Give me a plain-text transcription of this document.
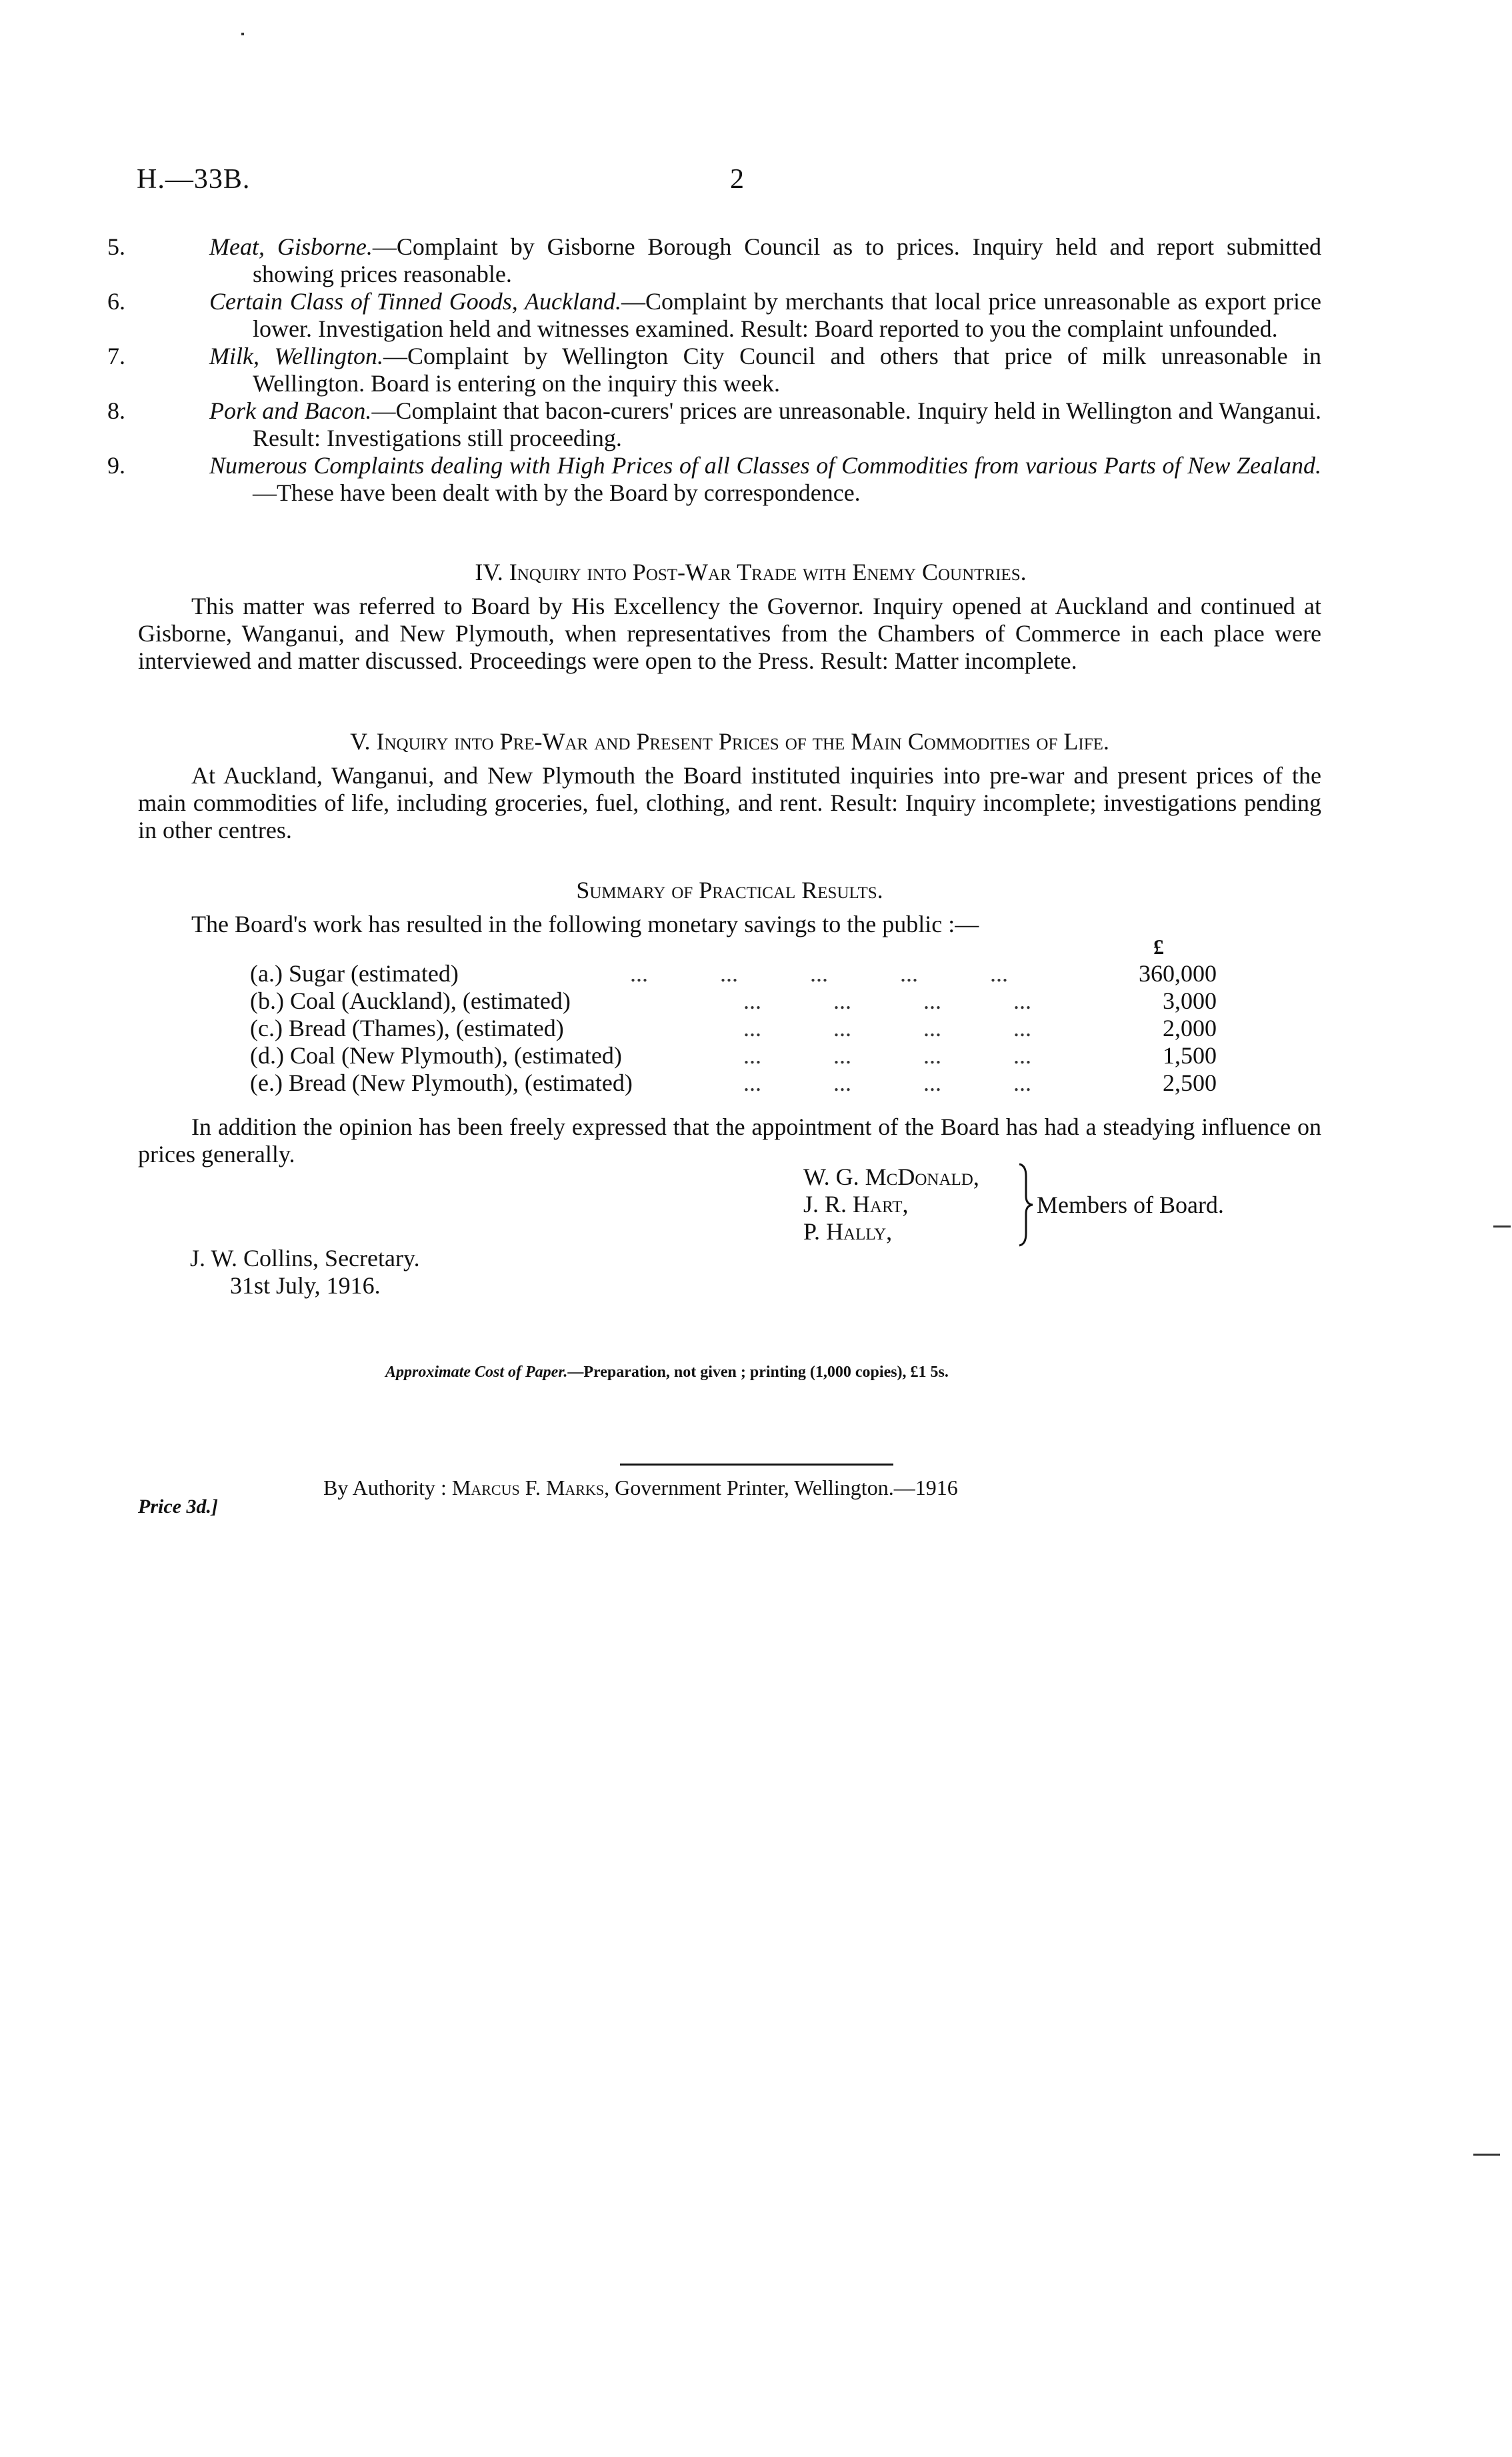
H.—33B.	2
5.	Meat, Gisborne.—Complaint by Gisborne Borough Council as to prices. Inquiry held and report submitted showing prices reasonable.
6.	Certain Class of Tinned Goods, Auckland.—Complaint by merchants that local price unreasonable as export price lower. Investigation held and witnesses examined. Result: Board reported to you the complaint unfounded.
7.	Milk, Wellington.—Complaint by Wellington City Council and others that price of milk unreasonable in Wellington. Board is entering on the inquiry this week.
8.	Pork and Bacon.—Complaint that bacon-curers' prices are unreasonable. Inquiry held in Wellington and Wanganui. Result: Investigations still proceeding.
9.	Numerous Complaints dealing with High Prices of all Classes of Commodities from various Parts of New Zealand.—These have been dealt with by the Board by correspondence.
IV. Inquiry into Post-War Trade with Enemy Countries.
This matter was referred to Board by His Excellency the Governor. Inquiry opened at Auckland and continued at Gisborne, Wanganui, and New Plymouth, when representatives from the Chambers of Commerce in each place were interviewed and matter discussed. Proceedings were open to the Press. Result: Matter incomplete.
V. Inquiry into Pre-War and Present Prices of the Main Commodities of Life.
At Auckland, Wanganui, and New Plymouth the Board instituted inquiries into pre-war and present prices of the main commodities of life, including groceries, fuel, clothing, and rent. Result: Inquiry incomplete; investigations pending in other centres.
Summary of Practical Results.
The Board's work has resulted in the following monetary savings to the public :—
£
(a.) Sugar (estimated)	...            ...            ...            ...            ...	360,000
(b.) Coal (Auckland), (estimated)	...            ...            ...            ...	3,000
(c.) Bread (Thames), (estimated)	...            ...            ...            ...	2,000
(d.) Coal (New Plymouth), (estimated)	...            ...            ...            ...	1,500
(e.) Bread (New Plymouth), (estimated)	...            ...            ...            ...	2,500
In addition the opinion has been freely expressed that the appointment of the Board has had a steadying influence on prices generally.
W. G. McDonald,
J. R. Hart,
P. Hally,
Members of Board.
J. W. Collins, Secretary.
31st July, 1916.
Approximate Cost of Paper.—Preparation, not given ; printing (1,000 copies), £1 5s.
Price 3d.]
By Authority : Marcus F. Marks, Government Printer, Wellington.—1916
